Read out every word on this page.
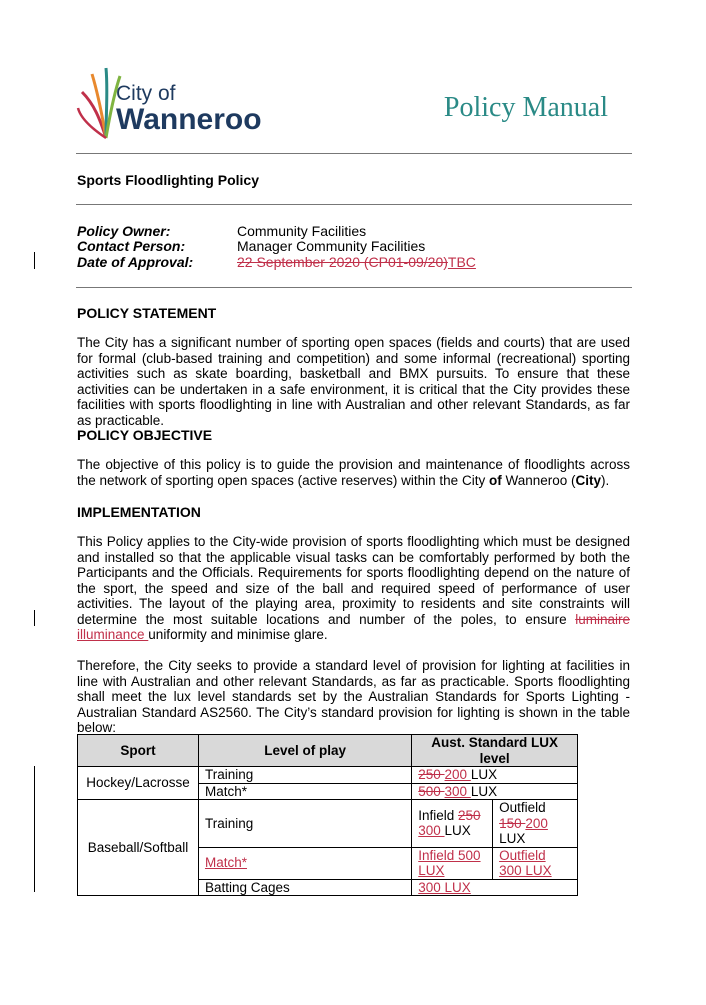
City of
Wanneroo	Policy Manual
Sports Floodlighting Policy
Policy Owner:	Community Facilities
Contact Person:	Manager Community Facilities
Date of Approval:	22 September 2020 (CP01-09/20)TBC
POLICY STATEMENT
The City has a significant number of sporting open spaces (fields and courts) that are used for formal (club-based training and competition) and some informal (recreational) sporting activities such as skate boarding, basketball and BMX pursuits. To ensure that these activities can be undertaken in a safe environment, it is critical that the City provides these facilities with sports floodlighting in line with Australian and other relevant Standards, as far as practicable.
POLICY OBJECTIVE
The objective of this policy is to guide the provision and maintenance of floodlights across the network of sporting open spaces (active reserves) within the City of Wanneroo (City).
IMPLEMENTATION
This Policy applies to the City-wide provision of sports floodlighting which must be designed and installed so that the applicable visual tasks can be comfortably performed by both the Participants and the Officials. Requirements for sports floodlighting depend on the nature of the sport, the speed and size of the ball and required speed of performance of user activities. The layout of the playing area, proximity to residents and site constraints will determine the most suitable locations and number of the poles, to ensure luminaire illuminance uniformity and minimise glare.
Therefore, the City seeks to provide a standard level of provision for lighting at facilities in line with Australian and other relevant Standards, as far as practicable. Sports floodlighting shall meet the lux level standards set by the Australian Standards for Sports Lighting - Australian Standard AS2560. The City’s standard provision for lighting is shown in the table below:
Sport	Level of play	Aust. Standard LUX level	
Hockey/Lacrosse	Training	250 200 LUX	
	Match*	500 300 LUX	
Baseball/Softball	Training	Infield 250 300 LUX	Outfield
150 200
LUX
	Match*	Infield 500 LUX	Outfield 300 LUX
	Batting Cages	300 LUX	
